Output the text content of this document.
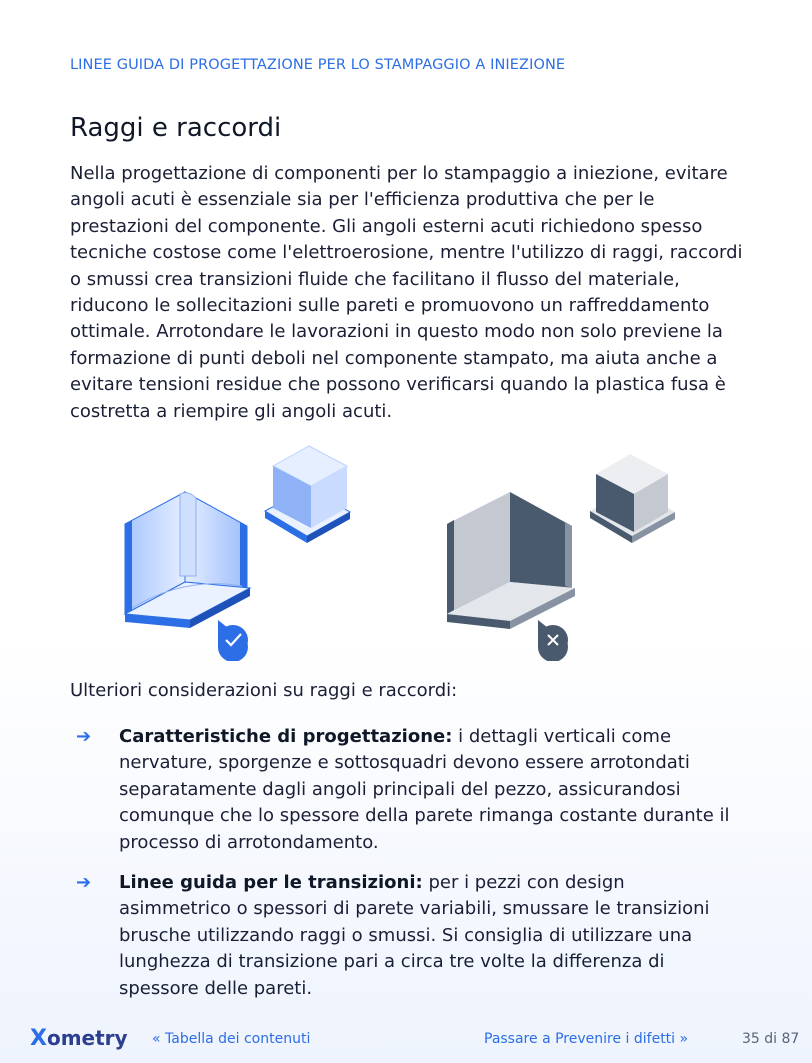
LINEE GUIDA DI PROGETTAZIONE PER LO STAMPAGGIO A INIEZIONE
Raggi e raccordi

Nella progettazione di componenti per lo stampaggio a iniezione, evitare angoli acuti è essenziale sia per l'efficienza produttiva che per le prestazioni del componente. Gli angoli esterni acuti richiedono spesso tecniche costose come l'elettroerosione, mentre l'utilizzo di raggi, raccordi o smussi crea transizioni fluide che facilitano il flusso del materiale, riducono le sollecitazioni sulle pareti e promuovono un raffreddamento ottimale. Arrotondare le lavorazioni in questo modo non solo previene la formazione di punti deboli nel componente stampato, ma aiuta anche a evitare tensioni residue che possono verificarsi quando la plastica fusa è costretta a riempire gli angoli acuti.

Ulteriori considerazioni su raggi e raccordi:

➔ Caratteristiche di progettazione: i dettagli verticali come nervature, sporgenze e sottosquadri devono essere arrotondati separatamente dagli angoli principali del pezzo, assicurandosi comunque che lo spessore della parete rimanga costante durante il processo di arrotondamento.
➔ Linee guida per le transizioni: per i pezzi con design asimmetrico o spessori di parete variabili, smussare le transizioni brusche utilizzando raggi o smussi. Si consiglia di utilizzare una lunghezza di transizione pari a circa tre volte la differenza di spessore delle pareti.
Xometry « Tabella dei contenuti	Passare a Prevenire i difetti »	35 di 87
